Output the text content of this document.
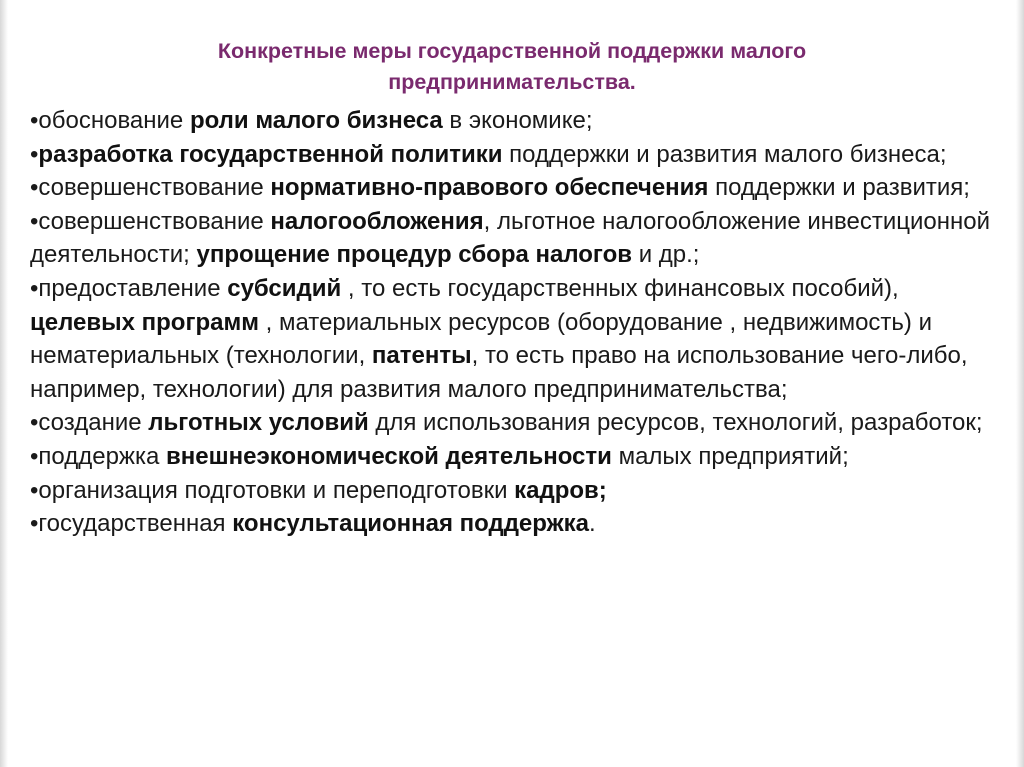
Конкретные меры государственной поддержки малого
предпринимательства.

•обоснование роли малого бизнеса в экономике;

•разработка государственной политики поддержки и развития малого бизнеса;

•совершенствование нормативно-правового обеспечения поддержки и развития;

•совершенствование налогообложения, льготное налогообложение инвестиционной деятельности; упрощение процедур сбора налогов и др.;

•предоставление субсидий , то есть государственных финансовых пособий), целевых программ , материальных ресурсов (оборудование , недвижимость) и нематериальных (технологии, патенты, то есть право на использование чего-либо, например, технологии) для развития малого предпринимательства;

•создание льготных условий для использования ресурсов, технологий, разработок;

•поддержка внешнеэкономической деятельности малых предприятий;

•организация подготовки и переподготовки кадров;

•государственная консультационная поддержка.
